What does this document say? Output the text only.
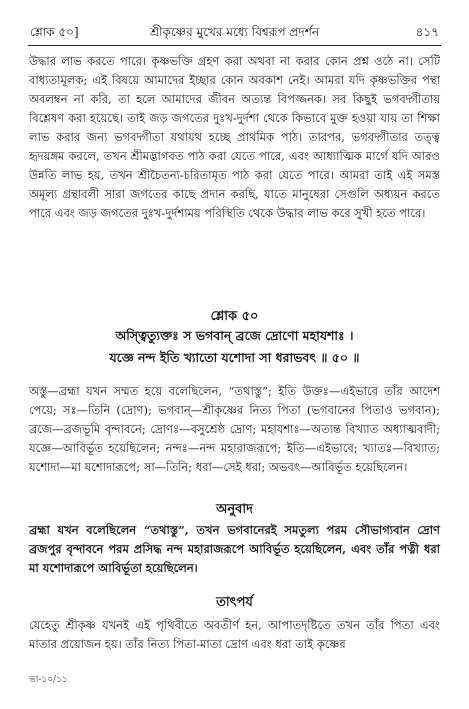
শ্লোক ৫০]	শ্রীকৃষ্ণের মুখের মধ্যে বিশ্বরূপ প্রদর্শন	৪১৭

উদ্ধার লাভ করতে পারে। কৃষ্ণভক্তি গ্রহণ করা অথবা না করার কোন প্রশ্ন ওঠে না। সেটি বাধ্যতামূলক; এই বিষয়ে আমাদের ইচ্ছার কোন অবকাশ নেই। আমরা যদি কৃষ্ণভক্তির পন্থা অবলম্বন না করি, তা হলে আমাদের জীবন অত্যন্ত বিপজ্জনক। সব কিছুই ভগবদ্গীতায় বিশ্লেষণ করা হয়েছে। তাই জড় জগতের দুঃখ-দুর্দশা থেকে কিভাবে মুক্ত হওয়া যায় তা শিক্ষা লাভ করার জন্য ভগবদ্গীতা যথাযথ হচ্ছে প্রাথমিক পাঠ। তারপর, ভগবদ্গীতার তত্ত্ব হৃদয়ঙ্গম করলে, তখন শ্রীমদ্ভাগবত পাঠ করা যেতে পারে, এবং আধ্যাত্মিক মার্গে যদি আরও উন্নতি লাভ হয়, তখন শ্রীচৈতন্য-চরিতামৃত পাঠ করা যেতে পারে। আমরা তাই এই সমস্ত অমূল্য গ্রন্থাবলী সারা জগতের কাছে প্রদান করছি, যাতে মানুষেরা সেগুলি অধ্যয়ন করতে পারে এবং জড় জগতের দুঃখ-দুর্দশাময় পরিস্থিতি থেকে উদ্ধার লাভ করে সুখী হতে পারে।

শ্লোক ৫০

অস্ত্বিত্যুক্তঃ স ভগবান্ ব্রজে দ্রোণো মহাযশাঃ ।

যজ্ঞে নন্দ ইতি খ্যাতো যশোদা সা ধরাভবৎ ॥ ৫০ ॥

অস্তু—ব্রহ্মা যখন সম্মত হয়ে বলেছিলেন, “তথাস্তু”; ইতি উক্তঃ—এইভাবে তাঁর আদেশ পেয়ে; সঃ—তিনি (দ্রোণ); ভগবান্—শ্রীকৃষ্ণের নিত্য পিতা (ভগবানের পিতাও ভগবান); ব্রজে—ব্রজভূমি বৃন্দাবনে; দ্রোণঃ—বসুশ্রেষ্ঠ দ্রোণ; মহাযশাঃ—অত্যন্ত বিখ্যাত অধ্যাত্মবাদী; যজ্ঞে—আবির্ভূত হয়েছিলেন; নন্দঃ—নন্দ মহারাজরূপে; ইতি—এইভাবে; খ্যাতঃ—বিখ্যাত; যশোদা—মা যশোদারূপে; সা—তিনি; ধরা—সেই ধরা; অভবৎ—আবির্ভূত হয়েছিলেন।

অনুবাদ

ব্রহ্মা যখন বলেছিলেন “তথাস্তু”, তখন ভগবানেরই সমতুল্য পরম সৌভাগ্যবান দ্রোণ ব্রজপুর বৃন্দাবনে পরম প্রসিদ্ধ নন্দ মহারাজরূপে আবির্ভূত হয়েছিলেন, এবং তাঁর পত্নী ধরা মা যশোদারূপে আবির্ভূতা হয়েছিলেন।

তাৎপর্য

যেহেতু শ্রীকৃষ্ণ যখনই এই পৃথিবীতে অবতীর্ণ হন, আপাতদৃষ্টিতে তখন তাঁর পিতা এবং মাতার প্রয়োজন হয়। তাঁর নিত্য পিতা-মাতা দ্রোণ এবং ধরা তাই কৃষ্ণের

ভা-১০/১১
